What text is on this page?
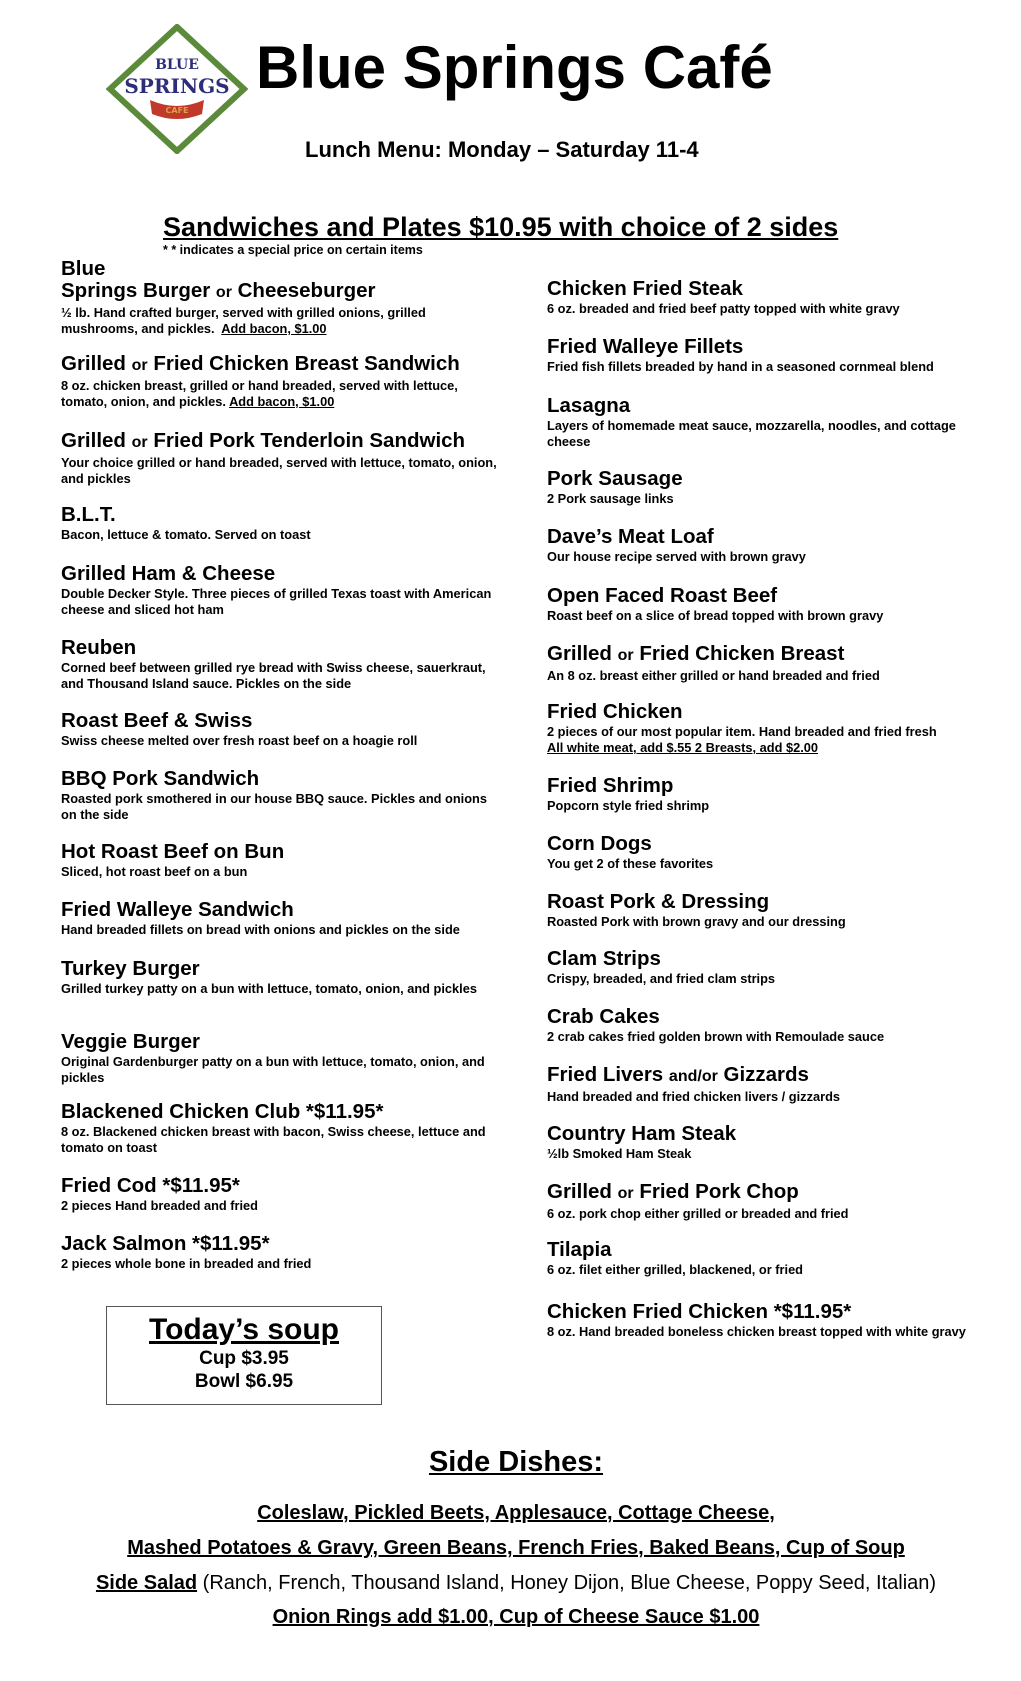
BLUE
SPRINGS
CAFE
Blue Springs Café
Lunch Menu: Monday – Saturday 11-4
Sandwiches and Plates $10.95 with choice of 2 sides
* * indicates a special price on certain items
Blue
Springs Burger or Cheeseburger
½ lb. Hand crafted burger, served with grilled onions, grilled mushrooms, and pickles. Add bacon, $1.00
Grilled or Fried Chicken Breast Sandwich
8 oz. chicken breast, grilled or hand breaded, served with lettuce, tomato, onion, and pickles. Add bacon, $1.00
Grilled or Fried Pork Tenderloin Sandwich
Your choice grilled or hand breaded, served with lettuce, tomato, onion, and pickles
B.L.T.
Bacon, lettuce & tomato. Served on toast
Grilled Ham & Cheese
Double Decker Style. Three pieces of grilled Texas toast with American cheese and sliced hot ham
Reuben
Corned beef between grilled rye bread with Swiss cheese, sauerkraut, and Thousand Island sauce. Pickles on the side
Roast Beef & Swiss
Swiss cheese melted over fresh roast beef on a hoagie roll
BBQ Pork Sandwich
Roasted pork smothered in our house BBQ sauce. Pickles and onions on the side
Hot Roast Beef on Bun
Sliced, hot roast beef on a bun
Fried Walleye Sandwich
Hand breaded fillets on bread with onions and pickles on the side
Turkey Burger
Grilled turkey patty on a bun with lettuce, tomato, onion, and pickles
Veggie Burger
Original Gardenburger patty on a bun with lettuce, tomato, onion, and pickles
Blackened Chicken Club *$11.95*
8 oz. Blackened chicken breast with bacon, Swiss cheese, lettuce and tomato on toast
Fried Cod *$11.95*
2 pieces Hand breaded and fried
Jack Salmon *$11.95*
2 pieces whole bone in breaded and fried
Chicken Fried Steak
6 oz. breaded and fried beef patty topped with white gravy
Fried Walleye Fillets
Fried fish fillets breaded by hand in a seasoned cornmeal blend
Lasagna
Layers of homemade meat sauce, mozzarella, noodles, and cottage cheese
Pork Sausage
2 Pork sausage links
Dave’s Meat Loaf
Our house recipe served with brown gravy
Open Faced Roast Beef
Roast beef on a slice of bread topped with brown gravy
Grilled or Fried Chicken Breast
An 8 oz. breast either grilled or hand breaded and fried
Fried Chicken
2 pieces of our most popular item. Hand breaded and fried fresh
All white meat, add $.55 2 Breasts, add $2.00
Fried Shrimp
Popcorn style fried shrimp
Corn Dogs
You get 2 of these favorites
Roast Pork & Dressing
Roasted Pork with brown gravy and our dressing
Clam Strips
Crispy, breaded, and fried clam strips
Crab Cakes
2 crab cakes fried golden brown with Remoulade sauce
Fried Livers and/or Gizzards
Hand breaded and fried chicken livers / gizzards
Country Ham Steak
½lb Smoked Ham Steak
Grilled or Fried Pork Chop
6 oz. pork chop either grilled or breaded and fried
Tilapia
6 oz. filet either grilled, blackened, or fried
Chicken Fried Chicken *$11.95*
8 oz. Hand breaded boneless chicken breast topped with white gravy
Today’s soup
Cup $3.95
Bowl $6.95
Side Dishes:
Coleslaw, Pickled Beets, Applesauce, Cottage Cheese,
Mashed Potatoes & Gravy, Green Beans, French Fries, Baked Beans, Cup of Soup
Side Salad (Ranch, French, Thousand Island, Honey Dijon, Blue Cheese, Poppy Seed, Italian)
Onion Rings add $1.00, Cup of Cheese Sauce $1.00
